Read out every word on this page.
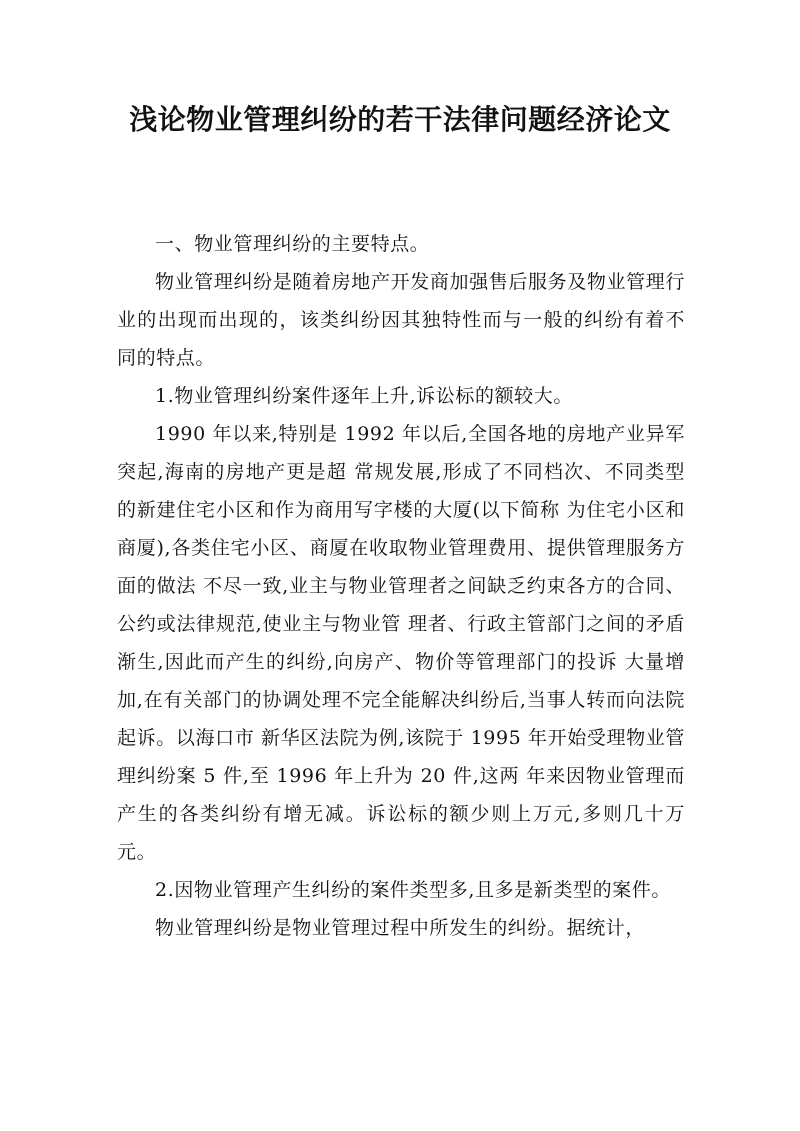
浅论物业管理纠纷的若干法律问题经济论文

一、物业管理纠纷的主要特点。

物业管理纠纷是随着房地产开发商加强售后服务及物业管理行业的出现而出现的，该类纠纷因其独特性而与一般的纠纷有着不同的特点。

1.物业管理纠纷案件逐年上升,诉讼标的额较大。

1990 年以来,特别是 1992 年以后,全国各地的房地产业异军突起,海南的房地产更是超 常规发展,形成了不同档次、不同类型的新建住宅小区和作为商用写字楼的大厦(以下简称 为住宅小区和商厦),各类住宅小区、商厦在收取物业管理费用、提供管理服务方面的做法 不尽一致,业主与物业管理者之间缺乏约束各方的合同、公约或法律规范,使业主与物业管 理者、行政主管部门之间的矛盾渐生,因此而产生的纠纷,向房产、物价等管理部门的投诉 大量增加,在有关部门的协调处理不完全能解决纠纷后,当事人转而向法院起诉。以海口市 新华区法院为例,该院于 1995 年开始受理物业管理纠纷案 5 件,至 1996 年上升为 20 件,这两 年来因物业管理而产生的各类纠纷有增无减。诉讼标的额少则上万元,多则几十万元。

2.因物业管理产生纠纷的案件类型多,且多是新类型的案件。

物业管理纠纷是物业管理过程中所发生的纠纷。据统计，
